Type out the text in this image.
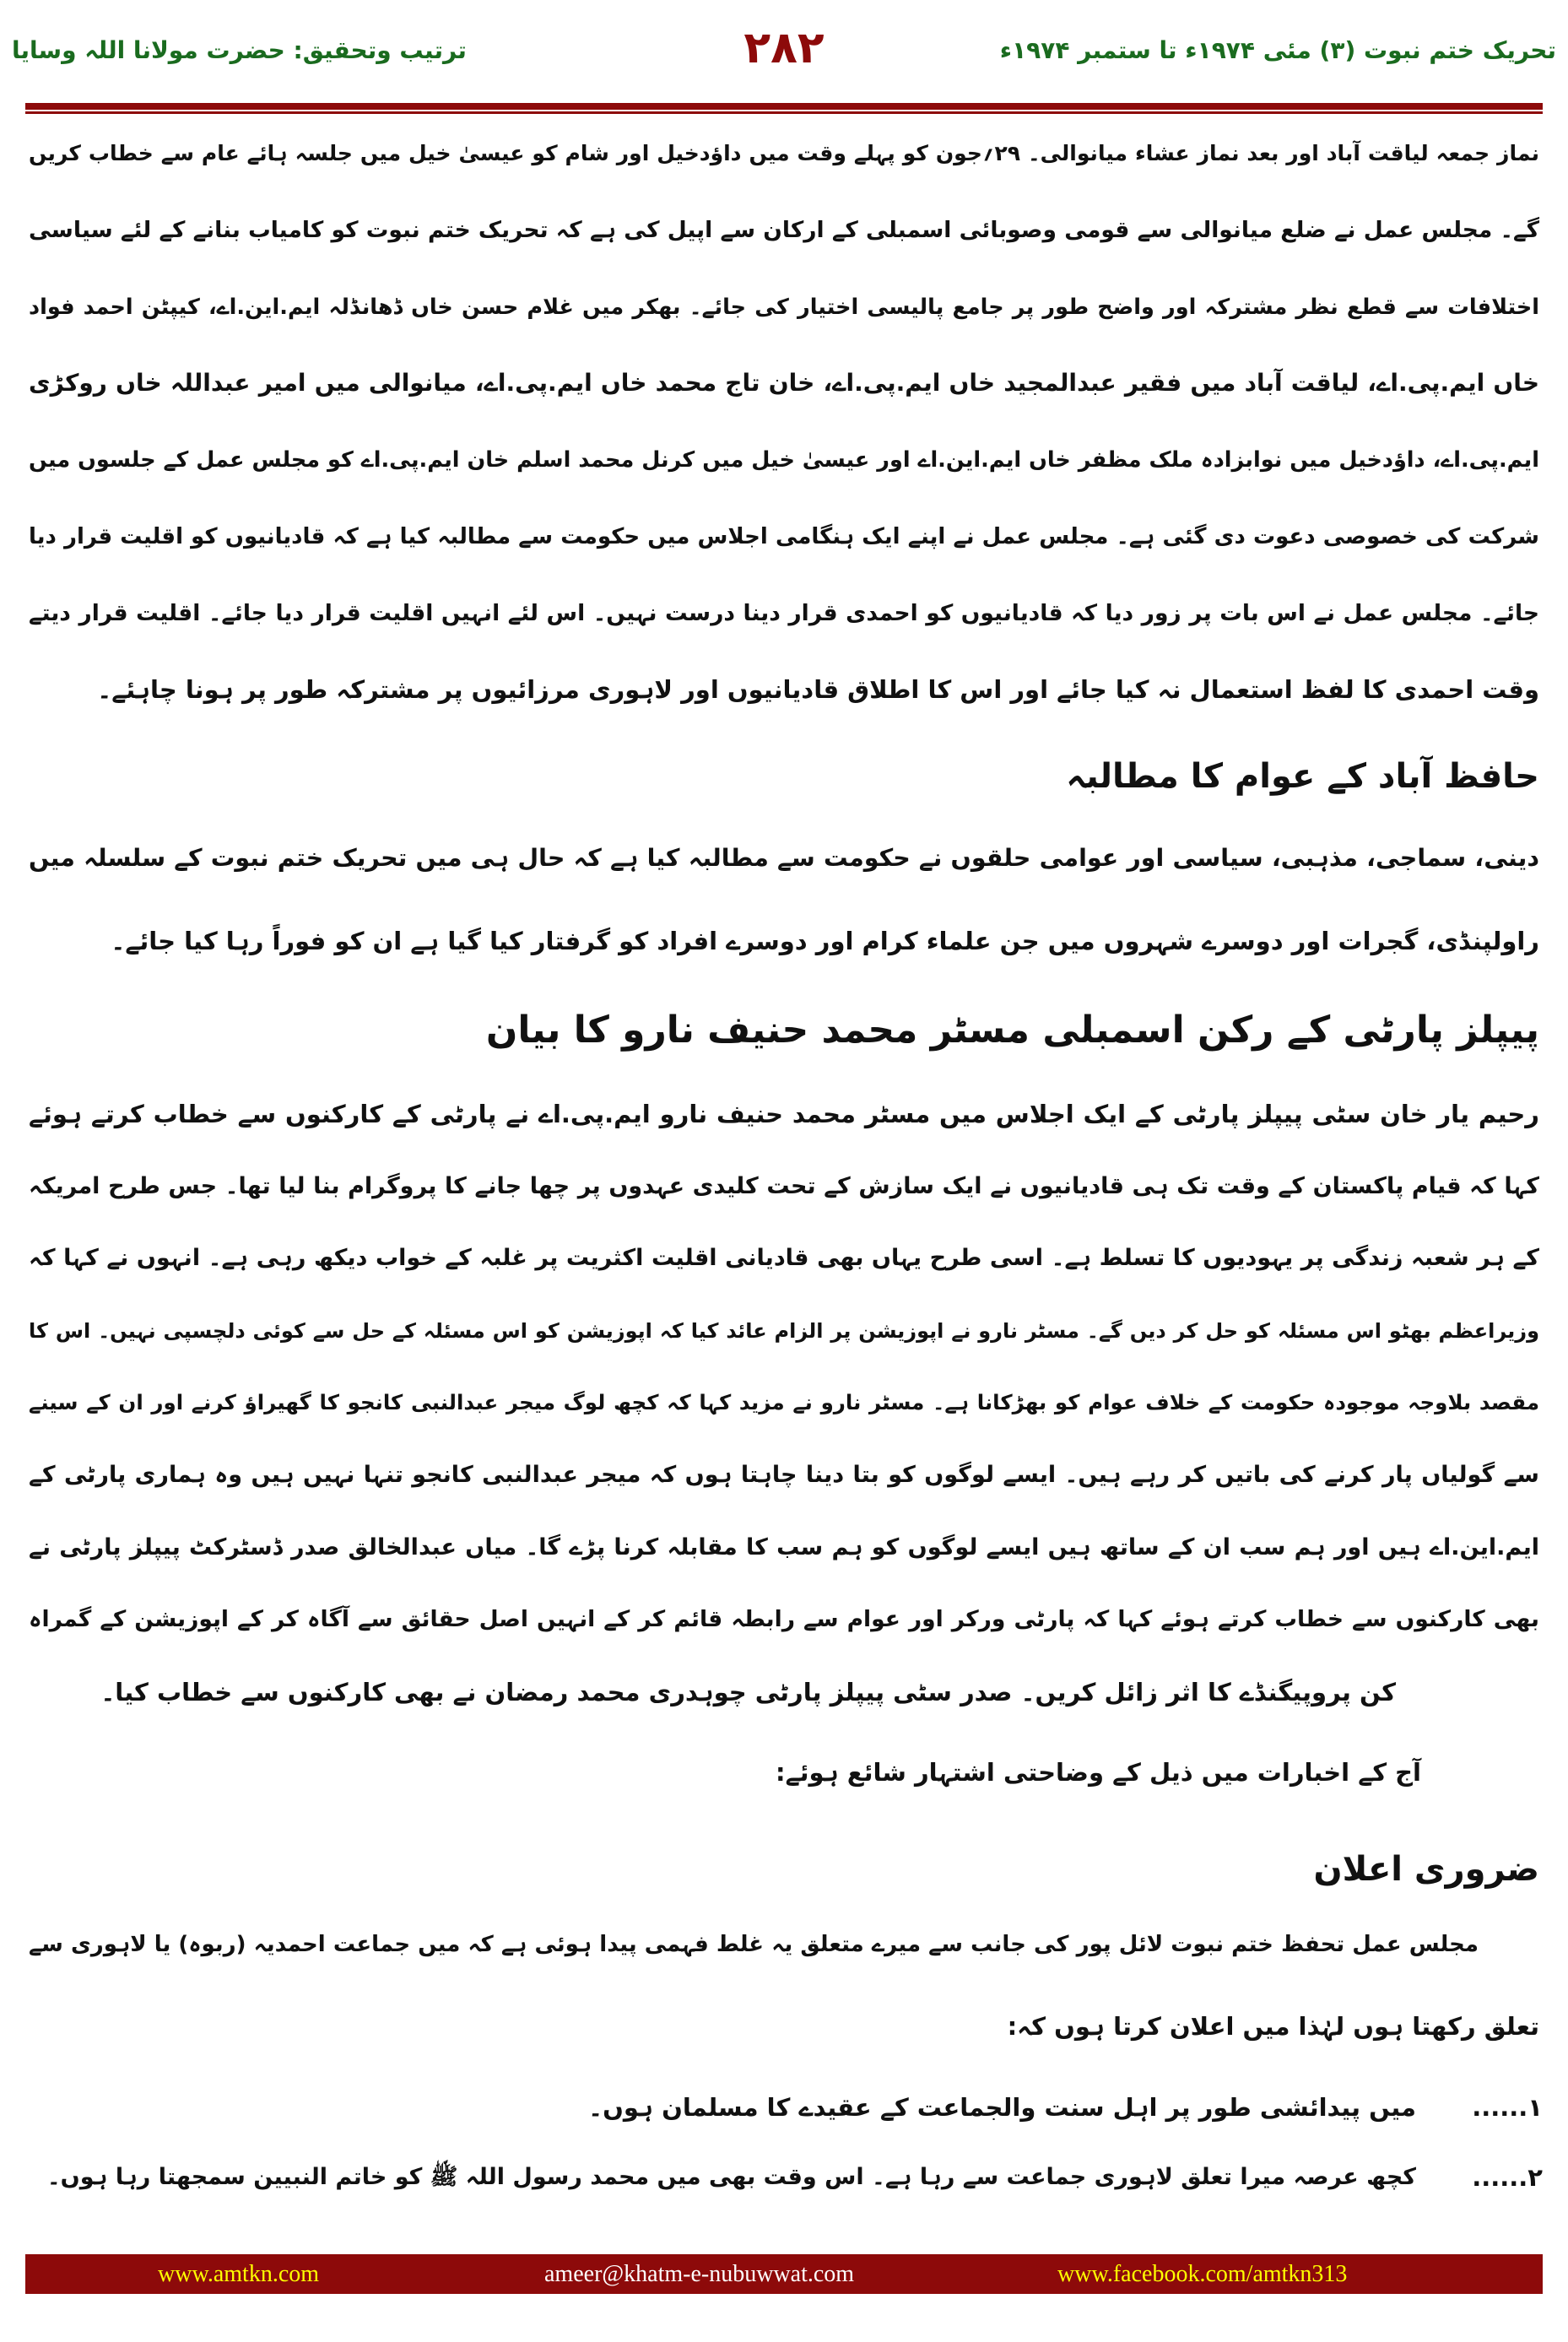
ترتیب وتحقیق: حضرت مولانا اللہ وسایا	۲۸۲	تحریک ختم نبوت (۳) مئی ۱۹۷۴ء تا ستمبر ۱۹۷۴ء
نماز جمعہ لیاقت آباد اور بعد نماز عشاء میانوالی۔ ۲۹؍جون کو پہلے وقت میں داؤدخیل اور شام کو عیسیٰ خیل میں جلسہ ہائے عام سے خطاب کریں
گے۔ مجلس عمل نے ضلع میانوالی سے قومی وصوبائی اسمبلی کے ارکان سے اپیل کی ہے کہ تحریک ختم نبوت کو کامیاب بنانے کے لئے سیاسی
اختلافات سے قطع نظر مشترکہ اور واضح طور پر جامع پالیسی اختیار کی جائے۔ بھکر میں غلام حسن خاں ڈھانڈلہ ایم.این.اے، کیپٹن احمد فواد
خاں ایم.پی.اے، لیاقت آباد میں فقیر عبدالمجید خاں ایم.پی.اے، خان تاج محمد خاں ایم.پی.اے، میانوالی میں امیر عبداللہ خاں روکڑی
ایم.پی.اے، داؤدخیل میں نوابزادہ ملک مظفر خاں ایم.این.اے اور عیسیٰ خیل میں کرنل محمد اسلم خان ایم.پی.اے کو مجلس عمل کے جلسوں میں
شرکت کی خصوصی دعوت دی گئی ہے۔ مجلس عمل نے اپنے ایک ہنگامی اجلاس میں حکومت سے مطالبہ کیا ہے کہ قادیانیوں کو اقلیت قرار دیا
جائے۔ مجلس عمل نے اس بات پر زور دیا کہ قادیانیوں کو احمدی قرار دینا درست نہیں۔ اس لئے انہیں اقلیت قرار دیا جائے۔ اقلیت قرار دیتے
وقت احمدی کا لفظ استعمال نہ کیا جائے اور اس کا اطلاق قادیانیوں اور لاہوری مرزائیوں پر مشترکہ طور پر ہونا چاہئے۔
حافظ آباد کے عوام کا مطالبہ
دینی، سماجی، مذہبی، سیاسی اور عوامی حلقوں نے حکومت سے مطالبہ کیا ہے کہ حال ہی میں تحریک ختم نبوت کے سلسلہ میں
راولپنڈی، گجرات اور دوسرے شہروں میں جن علماء کرام اور دوسرے افراد کو گرفتار کیا گیا ہے ان کو فوراً رہا کیا جائے۔
پیپلز پارٹی کے رکن اسمبلی مسٹر محمد حنیف نارو کا بیان
رحیم یار خان سٹی پیپلز پارٹی کے ایک اجلاس میں مسٹر محمد حنیف نارو ایم.پی.اے نے پارٹی کے کارکنوں سے خطاب کرتے ہوئے
کہا کہ قیام پاکستان کے وقت تک ہی قادیانیوں نے ایک سازش کے تحت کلیدی عہدوں پر چھا جانے کا پروگرام بنا لیا تھا۔ جس طرح امریکہ
کے ہر شعبہ زندگی پر یہودیوں کا تسلط ہے۔ اسی طرح یہاں بھی قادیانی اقلیت اکثریت پر غلبہ کے خواب دیکھ رہی ہے۔ انہوں نے کہا کہ
وزیراعظم بھٹو اس مسئلہ کو حل کر دیں گے۔ مسٹر نارو نے اپوزیشن پر الزام عائد کیا کہ اپوزیشن کو اس مسئلہ کے حل سے کوئی دلچسپی نہیں۔ اس کا
مقصد بلاوجہ موجودہ حکومت کے خلاف عوام کو بھڑکانا ہے۔ مسٹر نارو نے مزید کہا کہ کچھ لوگ میجر عبدالنبی کانجو کا گھیراؤ کرنے اور ان کے سینے
سے گولیاں پار کرنے کی باتیں کر رہے ہیں۔ ایسے لوگوں کو بتا دینا چاہتا ہوں کہ میجر عبدالنبی کانجو تنہا نہیں ہیں وہ ہماری پارٹی کے
ایم.این.اے ہیں اور ہم سب ان کے ساتھ ہیں ایسے لوگوں کو ہم سب کا مقابلہ کرنا پڑے گا۔ میاں عبدالخالق صدر ڈسٹرکٹ پیپلز پارٹی نے
بھی کارکنوں سے خطاب کرتے ہوئے کہا کہ پارٹی ورکر اور عوام سے رابطہ قائم کر کے انہیں اصل حقائق سے آگاہ کر کے اپوزیشن کے گمراہ
کن پروپیگنڈے کا اثر زائل کریں۔ صدر سٹی پیپلز پارٹی چوہدری محمد رمضان نے بھی کارکنوں سے خطاب کیا۔
آج کے اخبارات میں ذیل کے وضاحتی اشتہار شائع ہوئے:
ضروری اعلان
مجلس عمل تحفظ ختم نبوت لائل پور کی جانب سے میرے متعلق یہ غلط فہمی پیدا ہوئی ہے کہ میں جماعت احمدیہ (ربوہ) یا لاہوری سے
تعلق رکھتا ہوں لہٰذا میں اعلان کرتا ہوں کہ:
۱......
میں پیدائشی طور پر اہل سنت والجماعت کے عقیدے کا مسلمان ہوں۔
۲......
کچھ عرصہ میرا تعلق لاہوری جماعت سے رہا ہے۔ اس وقت بھی میں محمد رسول اللہ ﷺ کو خاتم النبیین سمجھتا رہا ہوں۔
www.amtkn.com	ameer@khatm-e-nubuwwat.com	www.facebook.com/amtkn313
